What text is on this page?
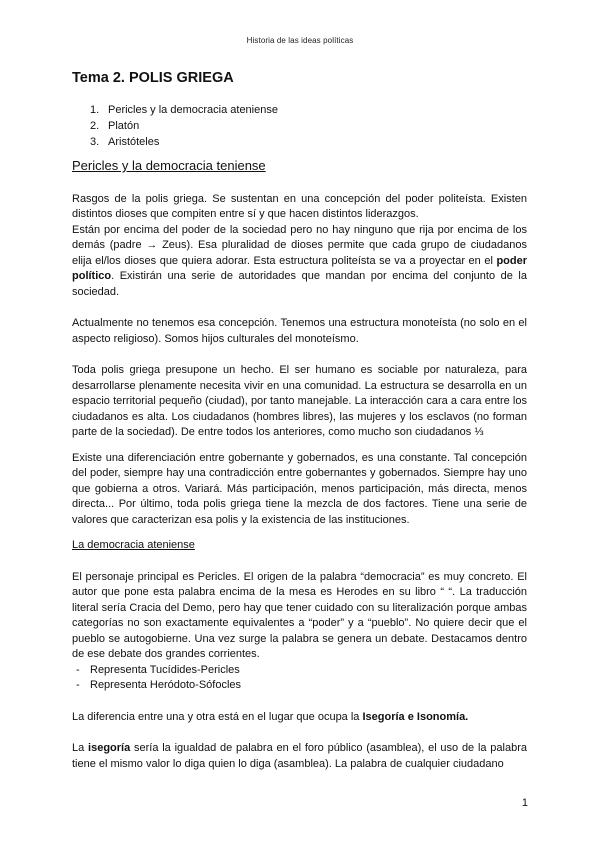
Historia de las ideas políticas
Tema 2. POLIS GRIEGA
1. Pericles y la democracia ateniense
2. Platón
3. Aristóteles

Pericles y la democracia teniense

Rasgos de la polis griega. Se sustentan en una concepción del poder politeísta. Existen distintos dioses que compiten entre sí y que hacen distintos liderazgos.

Están por encima del poder de la sociedad pero no hay ninguno que rija por encima de los demás (padre → Zeus). Esa pluralidad de dioses permite que cada grupo de ciudadanos elija el/los dioses que quiera adorar. Esta estructura politeísta se va a proyectar en el poder político. Existirán una serie de autoridades que mandan por encima del conjunto de la sociedad.

Actualmente no tenemos esa concepción. Tenemos una estructura monoteísta (no solo en el aspecto religioso). Somos hijos culturales del monoteísmo.

Toda polis griega presupone un hecho. El ser humano es sociable por naturaleza, para desarrollarse plenamente necesita vivir en una comunidad. La estructura se desarrolla en un espacio territorial pequeño (ciudad), por tanto manejable. La interacción cara a cara entre los ciudadanos es alta. Los ciudadanos (hombres libres), las mujeres y los esclavos (no forman parte de la sociedad). De entre todos los anteriores, como mucho son ciudadanos ⅓

Existe una diferenciación entre gobernante y gobernados, es una constante. Tal concepción del poder, siempre hay una contradicción entre gobernantes y gobernados. Siempre hay uno que gobierna a otros. Variará. Más participación, menos participación, más directa, menos directa... Por último, toda polis griega tiene la mezcla de dos factores. Tiene una serie de valores que caracterizan esa polis y la existencia de las instituciones.

La democracia ateniense

El personaje principal es Pericles. El origen de la palabra “democracia” es muy concreto. El autor que pone esta palabra encima de la mesa es Herodes en su libro “ “. La traducción literal sería Cracia del Demo, pero hay que tener cuidado con su literalización porque ambas categorías no son exactamente equivalentes a “poder” y a “pueblo”. No quiere decir que el pueblo se autogobierne. Una vez surge la palabra se genera un debate. Destacamos dentro de ese debate dos grandes corrientes.

- Representa Tucídides-Pericles
- Representa Heródoto-Sófocles

La diferencia entre una y otra está en el lugar que ocupa la Isegoría e Isonomía.

La isegoría sería la igualdad de palabra en el foro público (asamblea), el uso de la palabra tiene el mismo valor lo diga quien lo diga (asamblea). La palabra de cualquier ciudadano

1
